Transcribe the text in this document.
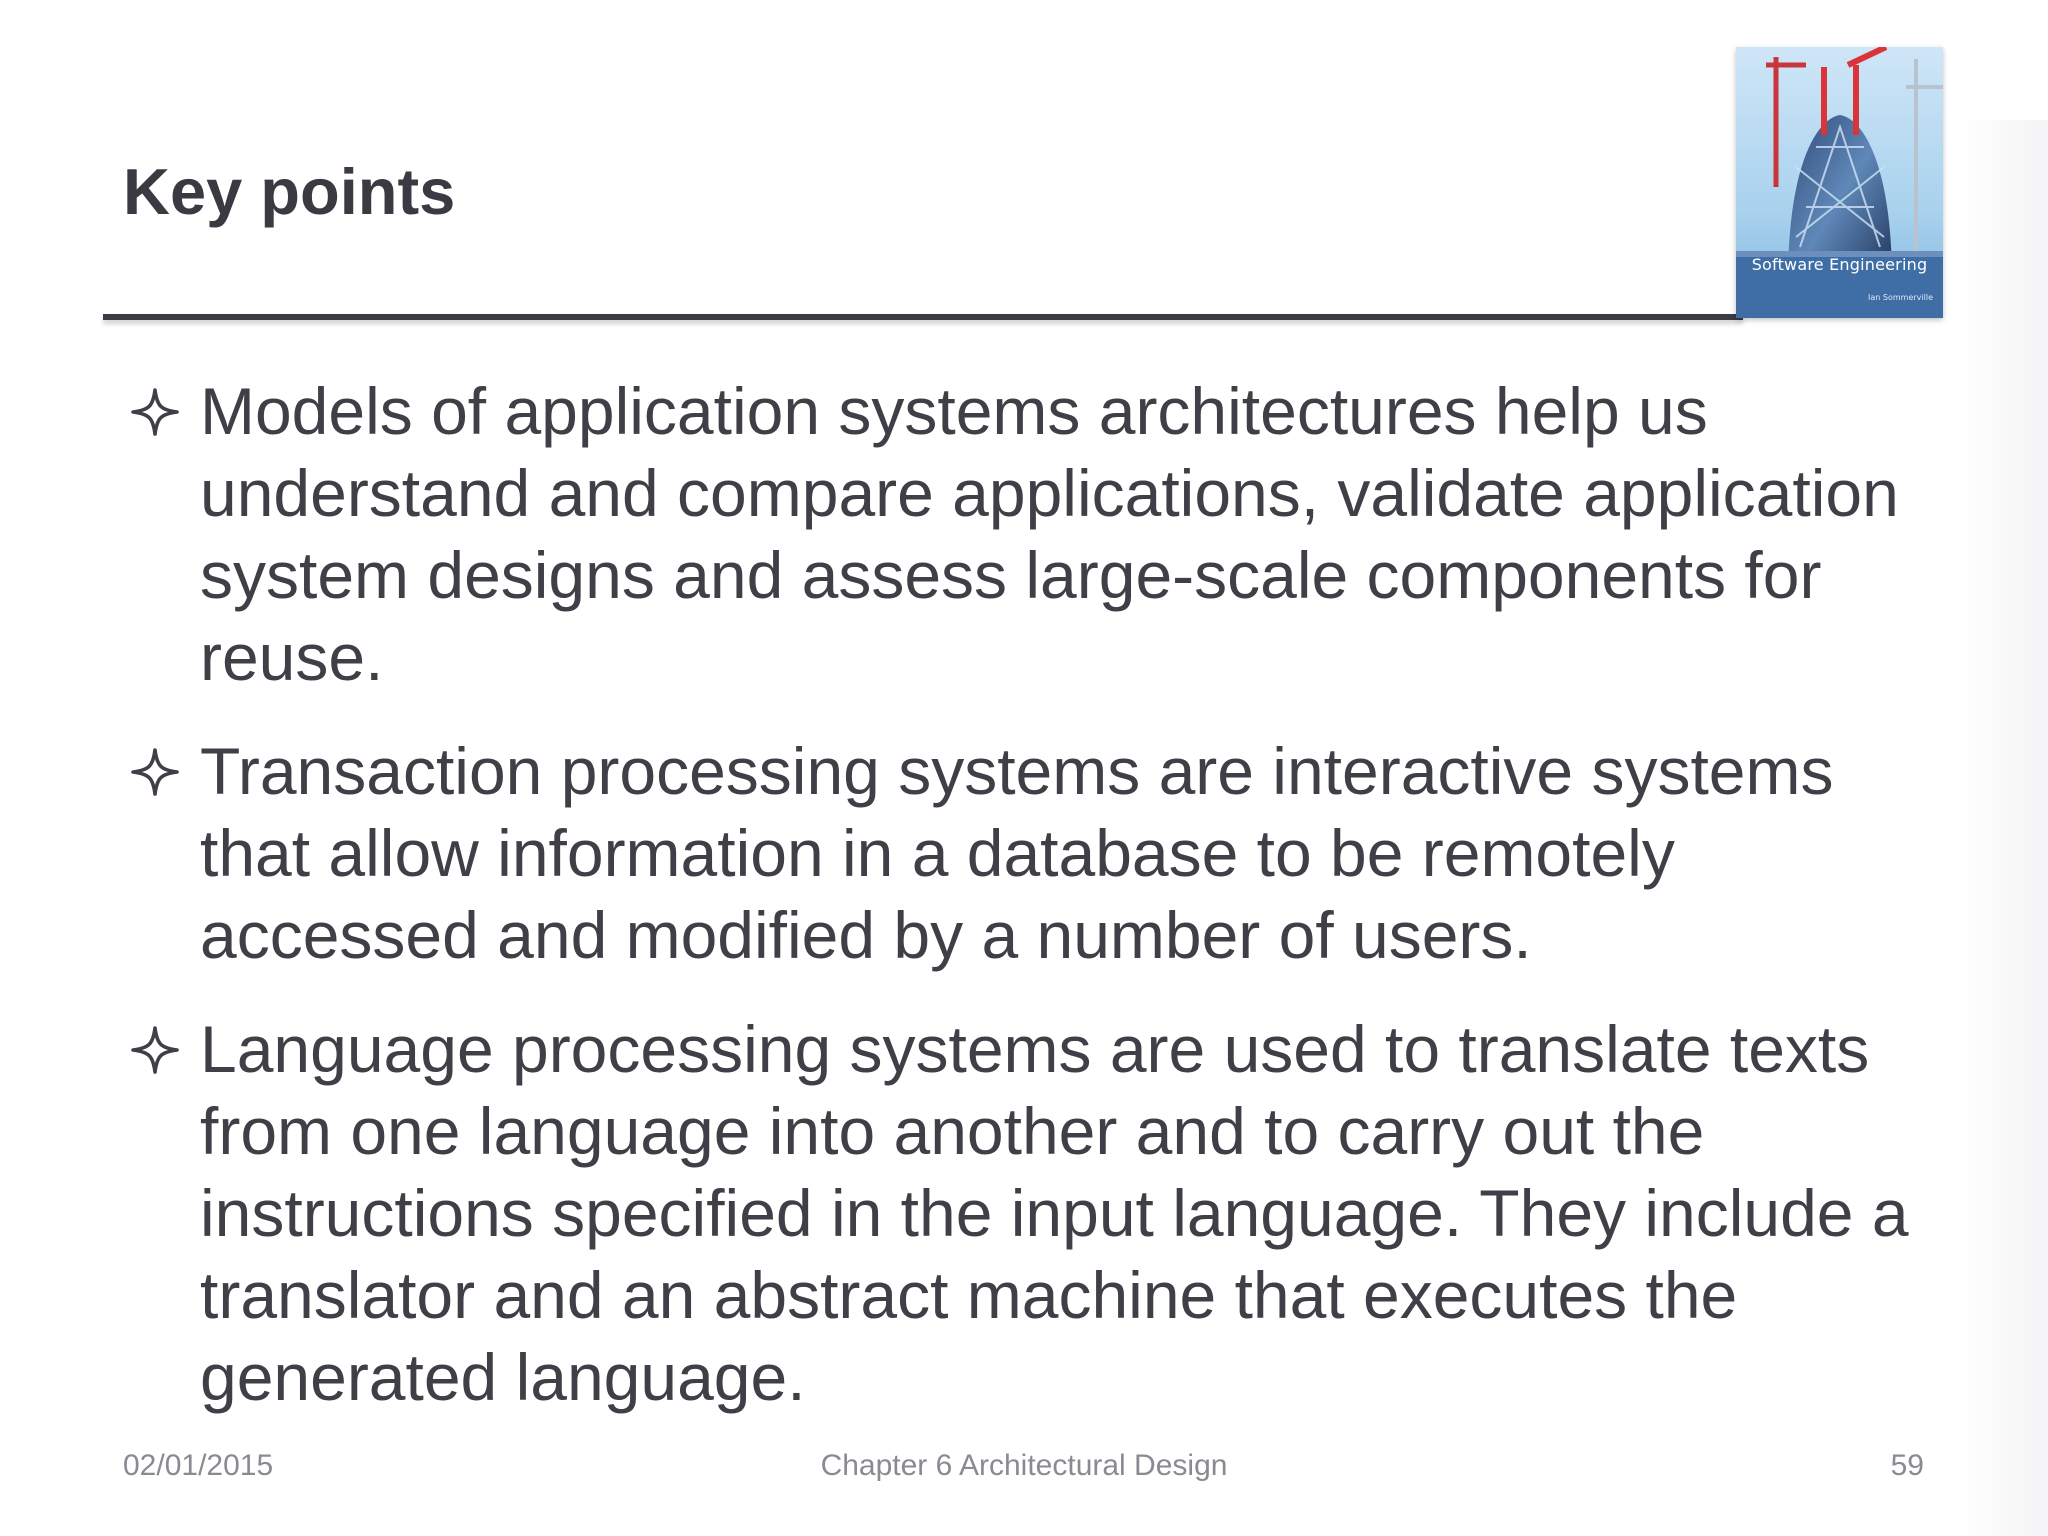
Key points
Software Engineering
Ian Sommerville
Models of application systems architectures help us understand and compare applications, validate application system designs and assess large-scale components for reuse.
Transaction processing systems are interactive systems that allow information in a database to be remotely accessed and modified by a number of users.
Language processing systems are used to translate texts from one language into another and to carry out the instructions specified in the input language. They include a translator and an abstract machine that executes the generated language.
02/01/2015	Chapter 6 Architectural Design	59
